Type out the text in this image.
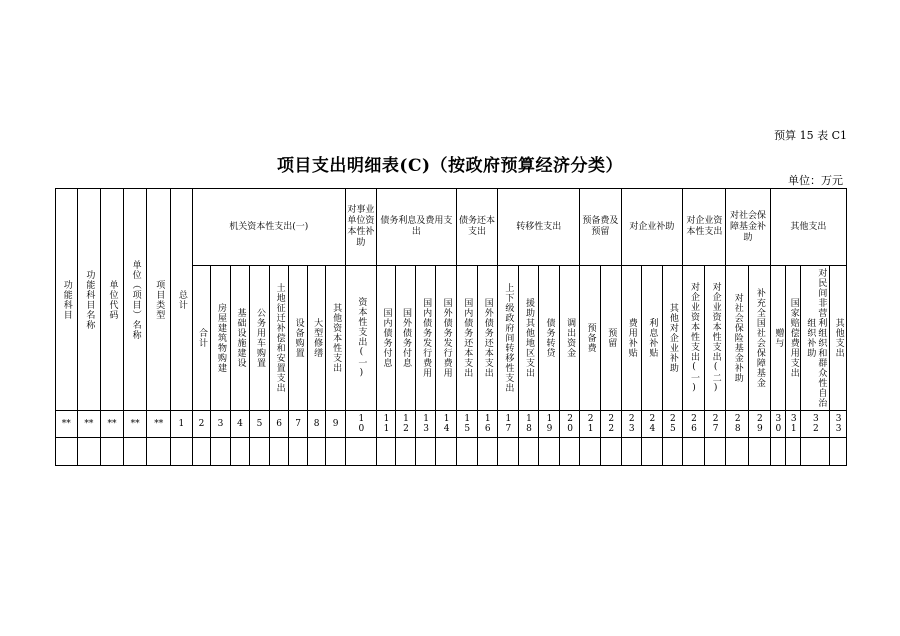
预算 15 表 C1
项目支出明细表(C)（按政府预算经济分类）
单位：万元
功能科目	功能科目名称	单位代码	单位（项目）名称	项目类型	总计	机关资本性支出(一)								对事业单位资本性补助	债务利息及费用支出				债务还本支出		转移性支出				预备费及预留		对企业补助			对企业资本性支出		对社会保障基金补助		其他支出			

						合计	房屋建筑物购建	基础设施建设	公务用车购置	土地征迁补偿和安置支出	设备购置	大型修缮	其他资本性支出	资本性支出(一)	国内债务付息	国外债务付息	国内债务发行费用	国外债务发行费用	国内债务还本支出	国外债务还本支出	上下级政府间转移性支出	援助其他地区支出	债务转贷	调出资金	预备费	预留	费用补贴	利息补贴	其他对企业补助	对企业资本性支出(一)	对企业资本性支出(二)	对社会保险基金补助	补充全国社会保障基金	赠与	国家赔偿费用支出	对民间非营利组织和群众性自治组织补助	其他支出

**	**	**	**	**	1	2	3	4	5	6	7	8	9	10	11	12	13	14	15	16	17	18	19	20	21	22	23	24	25	26	27	28	29	30	31	32	33
